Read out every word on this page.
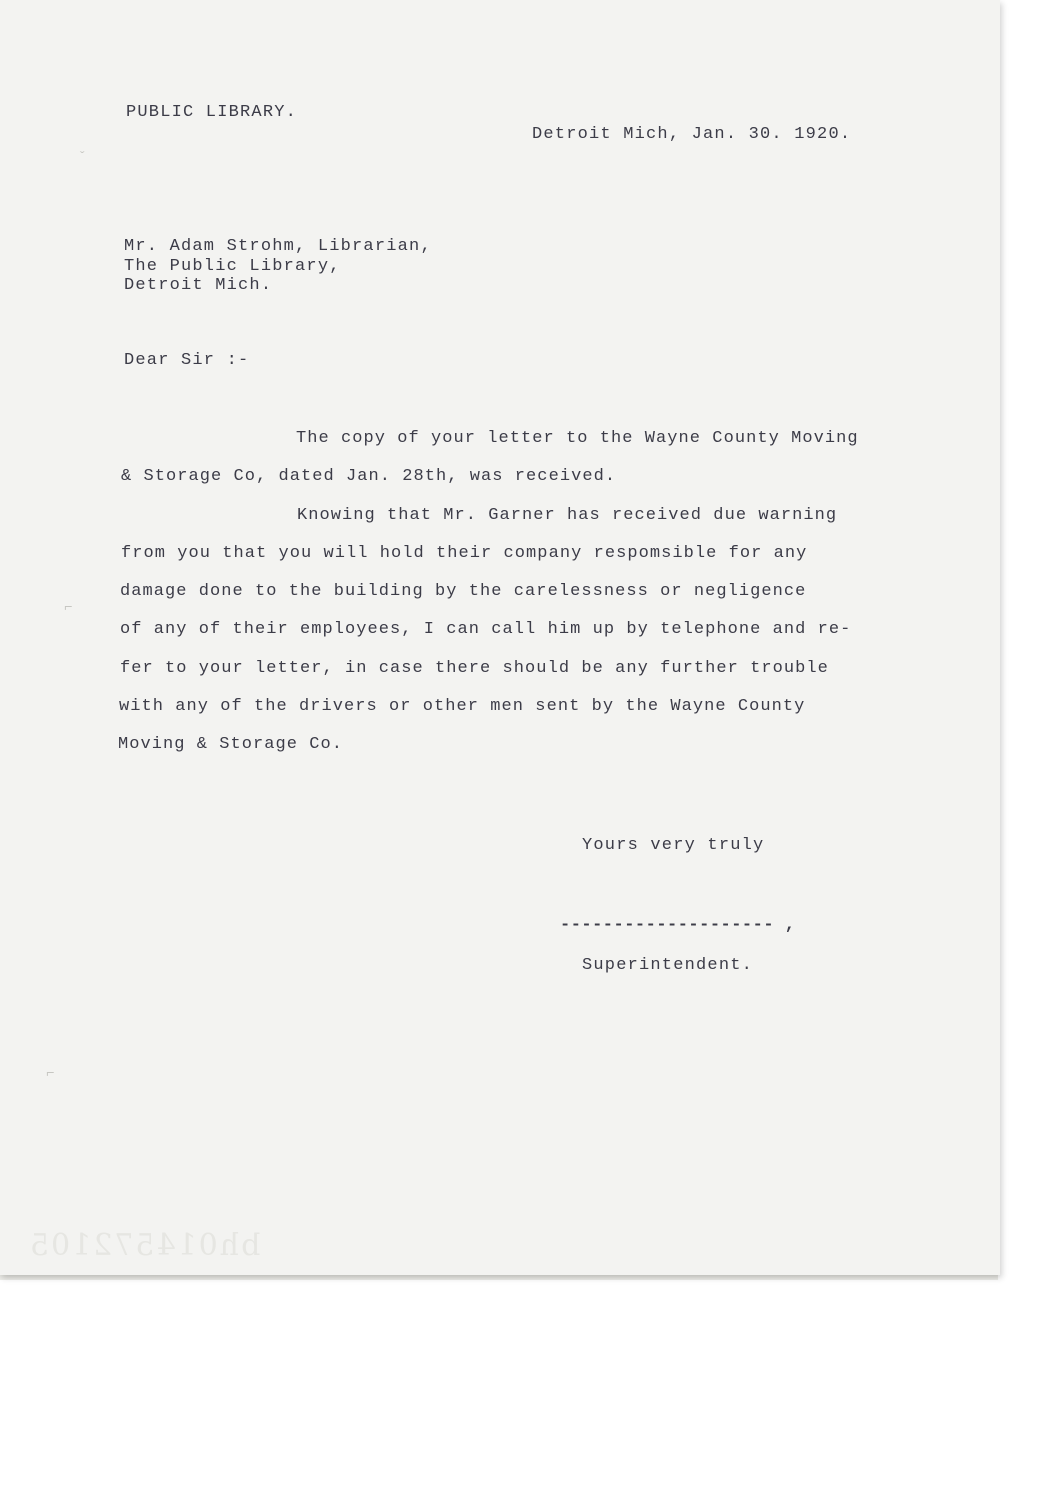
PUBLIC LIBRARY.
Detroit Mich, Jan. 30. 1920.
Mr. Adam Strohm, Librarian,
The Public Library,
Detroit Mich.
Dear Sir :-
The copy of your letter to the Wayne County Moving
& Storage Co, dated Jan. 28th, was received.
Knowing that Mr. Garner has received due warning
from you that you will hold their company respomsible for any
damage done to the building by the carelessness or negligence
of any of their employees, I can call him up by telephone and re-
fer to your letter, in case there should be any further trouble
with any of the drivers or other men sent by the Wayne County
Moving & Storage Co.
Yours very truly
-------------------- ,
Superintendent.
ˇ
⌐
⌐
bh014572105
